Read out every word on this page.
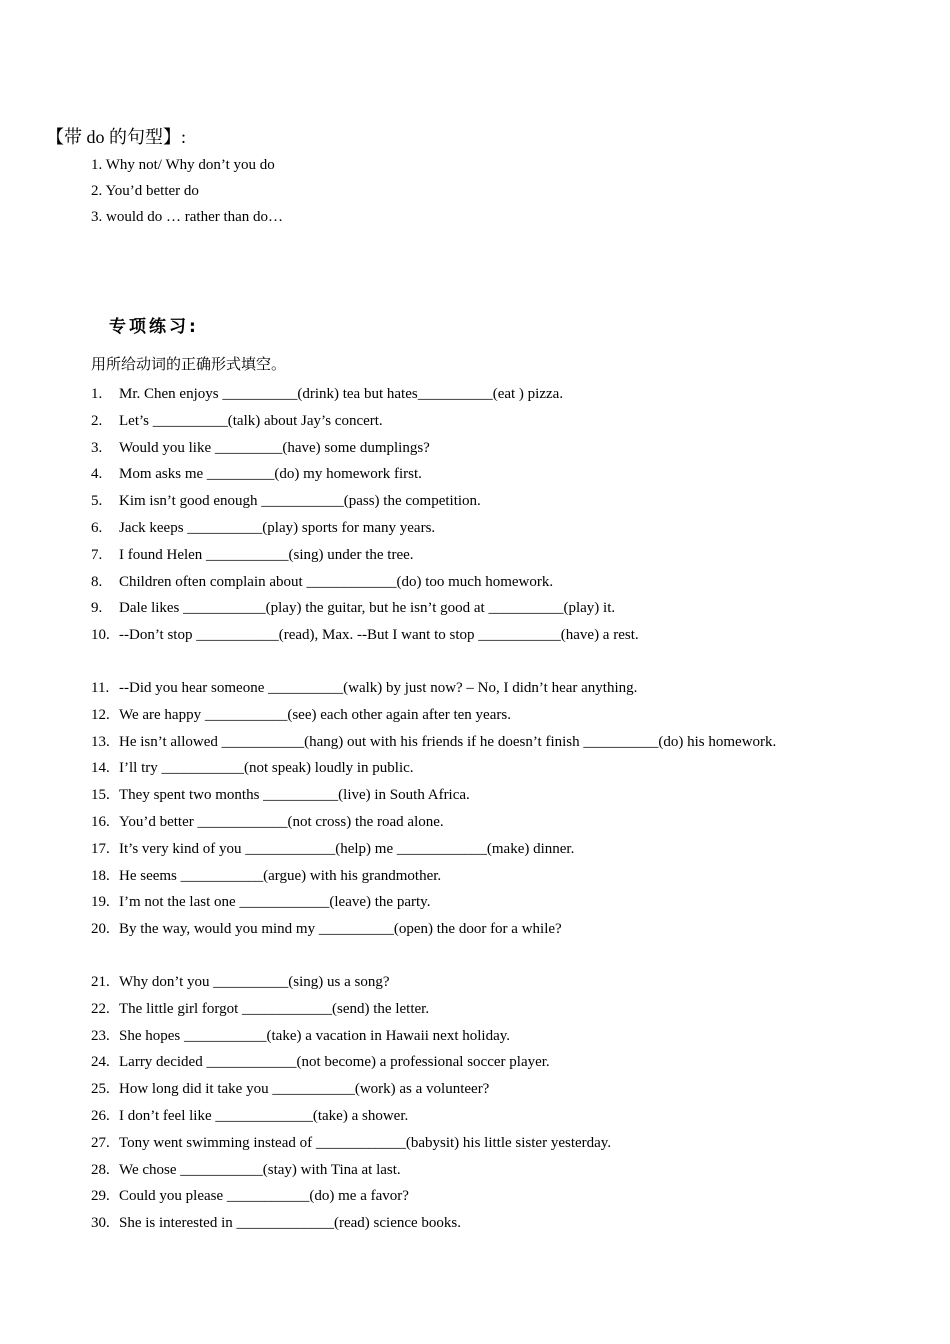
【带 do 的句型】:
1. Why not/ Why don’t you do
2. You’d better do
3. would do … rather than do…
专项练习:
用所给动词的正确形式填空。
1.	Mr. Chen enjoys __________(drink) tea but hates__________(eat ) pizza.
2.	Let’s __________(talk) about Jay’s concert.
3.	Would you like _________(have) some dumplings?
4.	Mom asks me _________(do) my homework first.
5.	Kim isn’t good enough ___________(pass) the competition.
6.	Jack keeps __________(play) sports for many years.
7.	I found Helen ___________(sing) under the tree.
8.	Children often complain about ____________(do) too much homework.
9.	Dale likes ___________(play) the guitar, but he isn’t good at __________(play) it.
10. --Don’t stop ___________(read), Max. --But I want to stop ___________(have) a rest.
11. --Did you hear someone __________(walk) by just now? – No, I didn’t hear anything.
12. We are happy ___________(see) each other again after ten years.
13. He isn’t allowed ___________(hang) out with his friends if he doesn’t finish __________(do) his homework.
14. I’ll try ___________(not speak) loudly in public.
15. They spent two months __________(live) in South Africa.
16. You’d better ____________(not cross) the road alone.
17. It’s very kind of you ____________(help) me ____________(make) dinner.
18. He seems ___________(argue) with his grandmother.
19. I’m not the last one ____________(leave) the party.
20. By the way, would you mind my __________(open) the door for a while?
21. Why don’t you __________(sing) us a song?
22. The little girl forgot ____________(send) the letter.
23. She hopes ___________(take) a vacation in Hawaii next holiday.
24. Larry decided ____________(not become) a professional soccer player.
25. How long did it take you ___________(work) as a volunteer?
26. I don’t feel like _____________(take) a shower.
27. Tony went swimming instead of ____________(babysit) his little sister yesterday.
28. We chose ___________(stay) with Tina at last.
29. Could you please ___________(do) me a favor?
30. She is interested in _____________(read) science books.
